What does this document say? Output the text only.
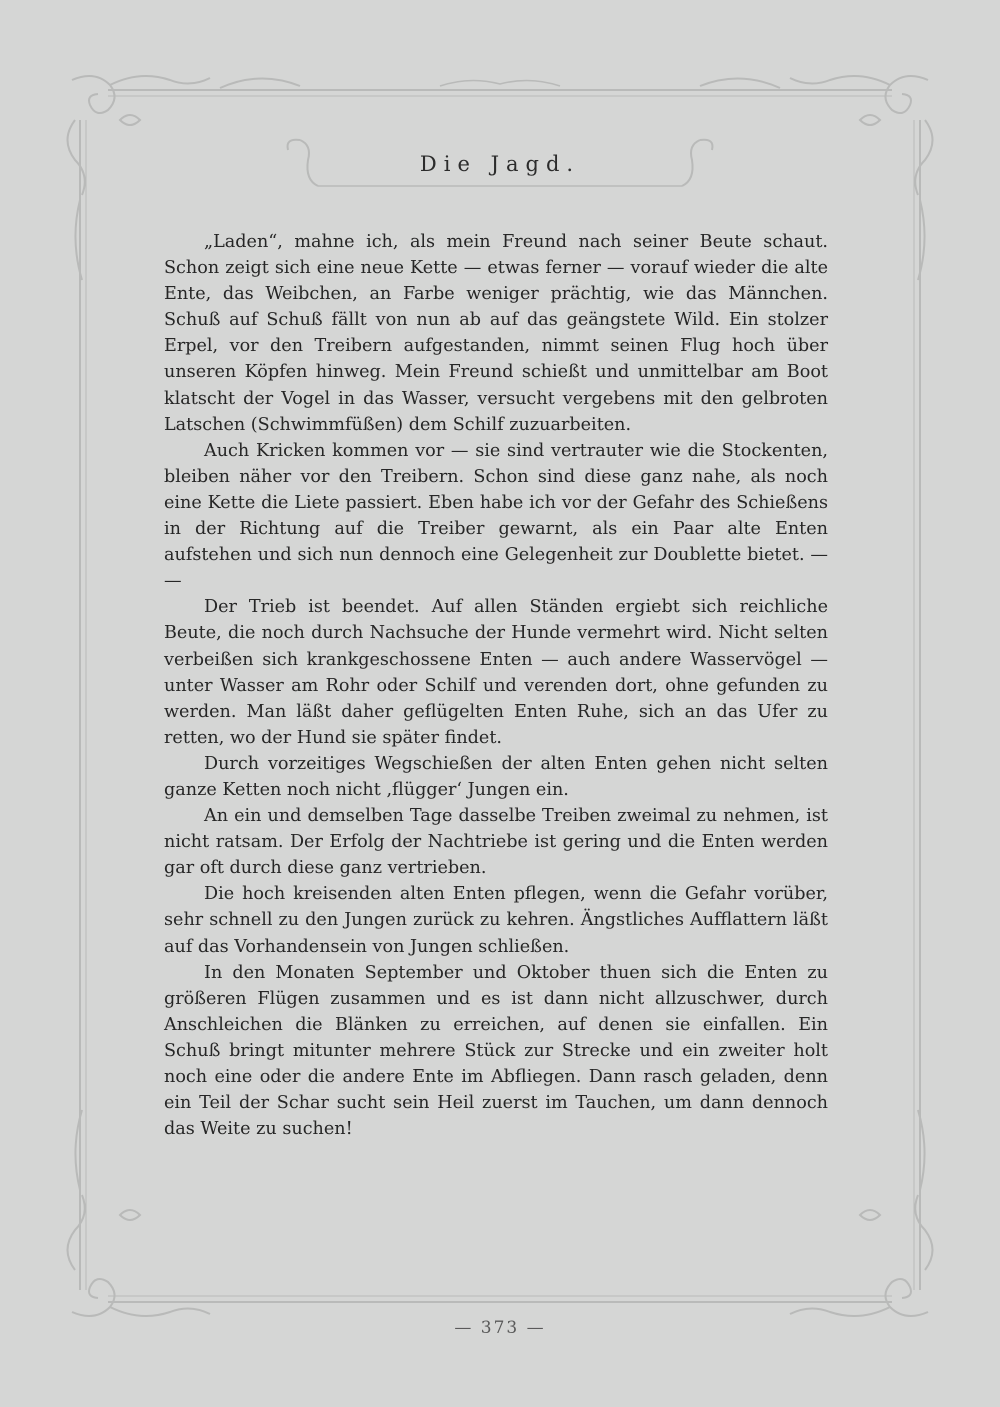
Die Jagd.

„Laden“, mahne ich, als mein Freund nach seiner Beute schaut. Schon zeigt sich eine neue Kette — etwas ferner — vorauf wieder die alte Ente, das Weibchen, an Farbe weniger prächtig, wie das Männchen. Schuß auf Schuß fällt von nun ab auf das geängstete Wild. Ein stolzer Erpel, vor den Treibern aufgestanden, nimmt seinen Flug hoch über unseren Köpfen hinweg. Mein Freund schießt und unmittelbar am Boot klatscht der Vogel in das Wasser, versucht vergebens mit den gelbroten Latschen (Schwimmfüßen) dem Schilf zuzuarbeiten.

Auch Kricken kommen vor — sie sind vertrauter wie die Stockenten, bleiben näher vor den Treibern. Schon sind diese ganz nahe, als noch eine Kette die Liete passiert. Eben habe ich vor der Gefahr des Schießens in der Richtung auf die Treiber gewarnt, als ein Paar alte Enten aufstehen und sich nun dennoch eine Gelegenheit zur Doublette bietet. — —

Der Trieb ist beendet. Auf allen Ständen ergiebt sich reichliche Beute, die noch durch Nachsuche der Hunde vermehrt wird. Nicht selten verbeißen sich krankgeschossene Enten — auch andere Wasservögel — unter Wasser am Rohr oder Schilf und verenden dort, ohne gefunden zu werden. Man läßt daher geflügelten Enten Ruhe, sich an das Ufer zu retten, wo der Hund sie später findet.

Durch vorzeitiges Wegschießen der alten Enten gehen nicht selten ganze Ketten noch nicht ‚flügger‘ Jungen ein.

An ein und demselben Tage dasselbe Treiben zweimal zu nehmen, ist nicht ratsam. Der Erfolg der Nachtriebe ist gering und die Enten werden gar oft durch diese ganz vertrieben.

Die hoch kreisenden alten Enten pflegen, wenn die Gefahr vorüber, sehr schnell zu den Jungen zurück zu kehren. Ängstliches Aufflattern läßt auf das Vorhandensein von Jungen schließen.

In den Monaten September und Oktober thuen sich die Enten zu größeren Flügen zusammen und es ist dann nicht allzuschwer, durch Anschleichen die Blänken zu erreichen, auf denen sie einfallen. Ein Schuß bringt mitunter mehrere Stück zur Strecke und ein zweiter holt noch eine oder die andere Ente im Abfliegen. Dann rasch geladen, denn ein Teil der Schar sucht sein Heil zuerst im Tauchen, um dann dennoch das Weite zu suchen!

— 373 —
